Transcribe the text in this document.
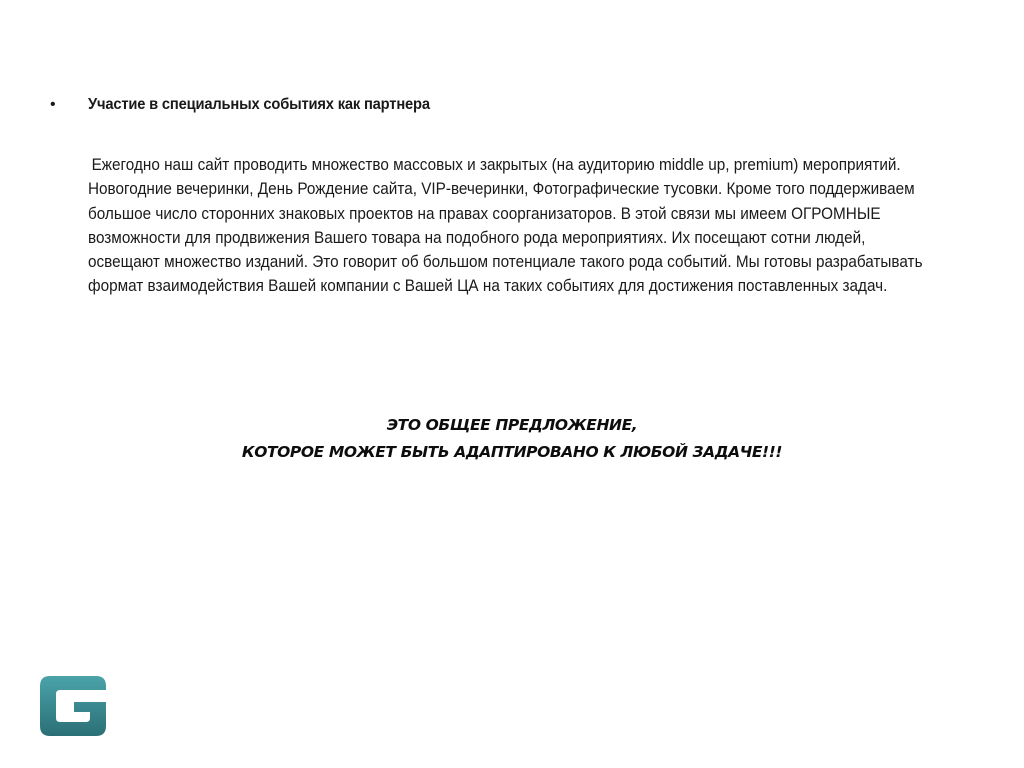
•	Участие в специальных событиях как партнера
Ежегодно наш сайт проводить множество массовых и закрытых (на аудиторию middle up, premium) мероприятий. Новогодние вечеринки, День Рождение сайта, VIP-вечеринки, Фотографические тусовки. Кроме того поддерживаем большое число сторонних знаковых проектов на правах соорганизаторов. В этой связи мы имеем ОГРОМНЫЕ возможности для продвижения Вашего товара на подобного рода мероприятиях. Их посещают сотни людей, освещают множество изданий. Это говорит об большом потенциале такого рода событий. Мы готовы разрабатывать формат взаимодействия Вашей компании с Вашей ЦА на таких событиях для достижения поставленных задач.
ЭТО ОБЩЕЕ ПРЕДЛОЖЕНИЕ,
КОТОРОЕ МОЖЕТ БЫТЬ АДАПТИРОВАНО К ЛЮБОЙ ЗАДАЧЕ!!!
